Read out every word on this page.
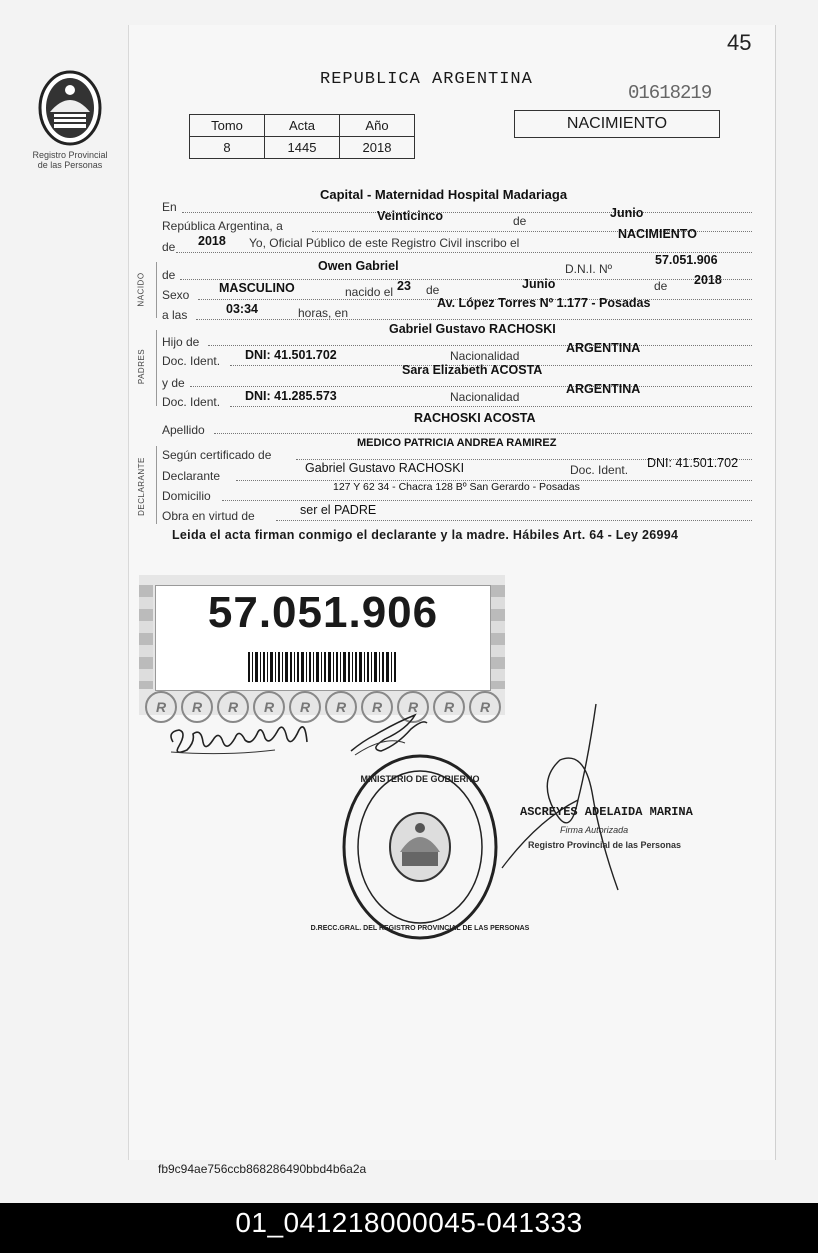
45
Registro Provincial
de las Personas
REPUBLICA ARGENTINA
01618219
Tomo	Acta	Año
8	1445	2018
NACIMIENTO
En
Capital - Maternidad Hospital Madariaga
República Argentina, a
Veinticinco	de
Junio
de 2018 Yo, Oficial Público de este Registro Civil inscribo el
NACIMIENTO
NACIDO de
Owen Gabriel	D.N.I. Nº
57.051.906
Sexo MASCULINO	nacido el 23 de	Junio	de 2018
a las	03:34	horas, en
Av. López Torres Nº 1.177 - Posadas
PADRES
Hijo de
Gabriel Gustavo RACHOSKI
Doc. Ident. DNI: 41.501.702	Nacionalidad
ARGENTINA
y de
Sara Elizabeth ACOSTA
Doc. Ident. DNI: 41.285.573	Nacionalidad
ARGENTINA
Apellido
RACHOSKI ACOSTA
DECLARANTE
Según certificado de
MEDICO PATRICIA ANDREA RAMIREZ
Declarante
Gabriel Gustavo RACHOSKI	Doc. Ident. DNI: 41.501.702
Domicilio
127 Y 62 34 - Chacra 128 Bº San Gerardo - Posadas
Obra en virtud de	ser el PADRE
Leida el acta firman conmigo el declarante y la madre. Hábiles Art. 64 - Ley 26994
57.051.906
R	R	R	R	R	R	R	R	R	R
MINISTERIO DE GOBIERNO
D.RECC.GRAL. DEL REGISTRO PROVINCIAL DE LAS PERSONAS
ASCREYES ADELAIDA MARINA
Firma Autorizada
Registro Provincial de las Personas
fb9c94ae756ccb868286490bbd4b6a2a
01_041218000045-041333
